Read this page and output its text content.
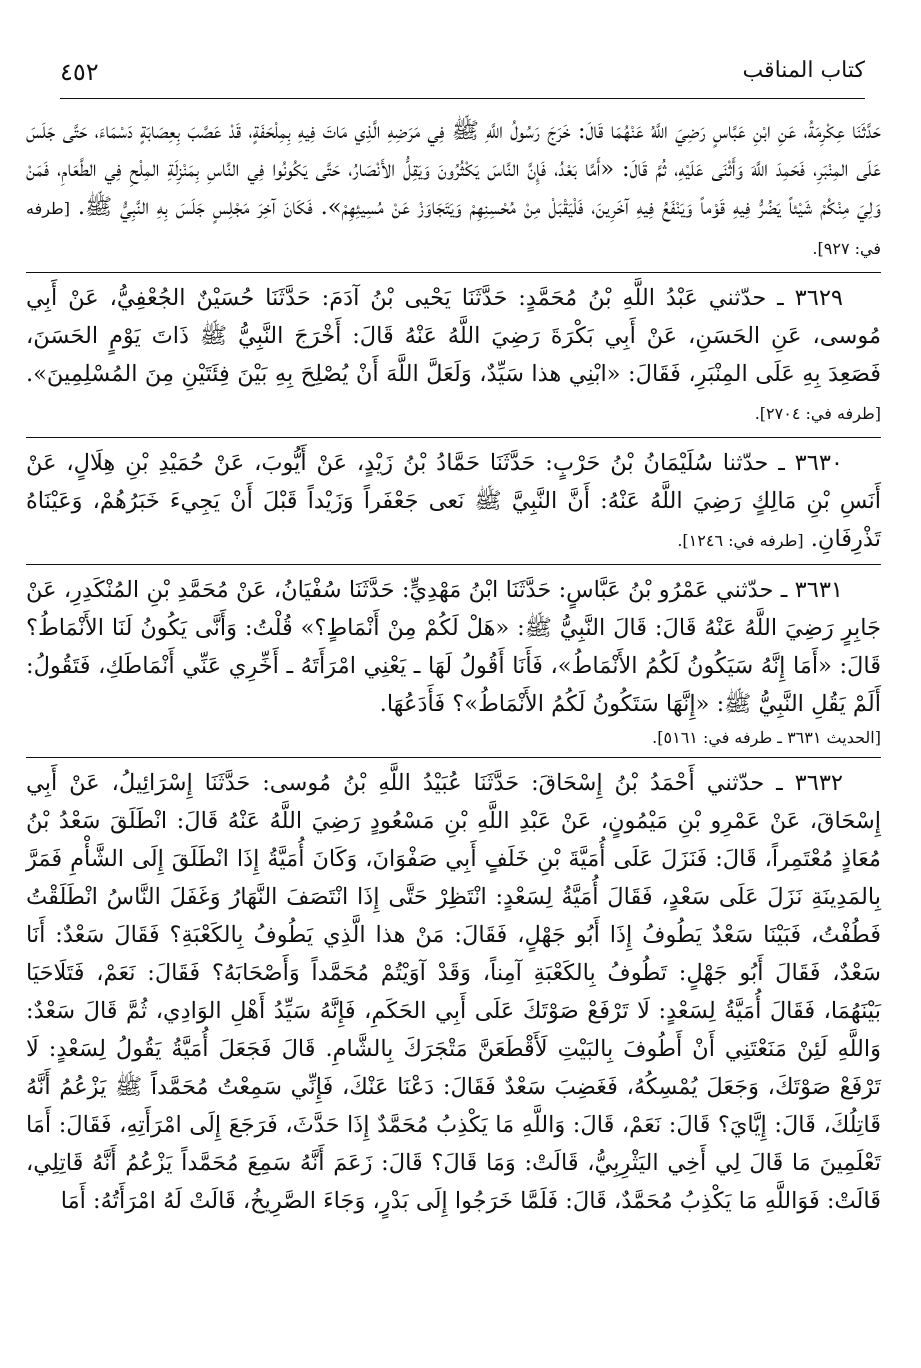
كتاب المناقب
٤٥٢

حَدَّثَنَا عِكْرِمَةُ، عَنِ ابْنِ عَبَّاسٍ رَضِيَ اللَّهُ عَنْهُمَا قَالَ: خَرَجَ رَسُولُ اللَّهِ ﷺ فِي مَرَضِهِ الَّذِي مَاتَ فِيهِ بِمِلْحَفَةٍ، قَدْ عَصَّبَ بِعِصَابَةٍ دَسْمَاءَ، حَتَّى جَلَسَ عَلَى المِنْبَرِ، فَحَمِدَ اللَّهَ وَأَثْنَى عَلَيْهِ، ثُمَّ قَالَ: «أَمَّا بَعْدُ، فَإِنَّ النَّاسَ يَكْثُرُونَ وَيَقِلُّ الأَنْصَارُ، حَتَّى يَكُونُوا فِي النَّاسِ بِمَنْزِلَةِ المِلْحِ فِي الطَّعَامِ، فَمَنْ وَلِيَ مِنْكُمْ شَيْئاً يَضُرُّ فِيهِ قَوْماً وَيَنْفَعُ فِيهِ آخَرِينَ، فَلْيَقْبَلْ مِنْ مُحْسِنِهِمْ وَيَتَجَاوَزْ عَنْ مُسِيئِهِمْ». فَكَانَ آخِرَ مَجْلِسٍ جَلَسَ بِهِ النَّبِيُّ ﷺ. [طرفه في: ٩٢٧].

٣٦٢٩ ـ حدّثني عَبْدُ اللَّهِ بْنُ مُحَمَّدٍ: حَدَّثَنَا يَحْيى بْنُ آدَمَ: حَدَّثَنَا حُسَيْنٌ الجُعْفِيُّ، عَنْ أَبِي مُوسى، عَنِ الحَسَنِ، عَنْ أَبِي بَكْرَةَ رَضِيَ اللَّهُ عَنْهُ قَالَ: أَخْرَجَ النَّبِيُّ ﷺ ذَاتَ يَوْمٍ الحَسَنَ، فَصَعِدَ بِهِ عَلَى المِنْبَرِ، فَقَالَ: «ابْنِي هذا سَيِّدٌ، وَلَعَلَّ اللَّهَ أَنْ يُصْلِحَ بِهِ بَيْنَ فِئَتَيْنِ مِنَ المُسْلِمِينَ». [طرفه في: ٢٧٠٤].

٣٦٣٠ ـ حدّثنا سُلَيْمَانُ بْنُ حَرْبٍ: حَدَّثَنَا حَمَّادُ بْنُ زَيْدٍ، عَنْ أَيُّوبَ، عَنْ حُمَيْدِ بْنِ هِلَالٍ، عَنْ أَنَسِ بْنِ مَالِكٍ رَضِيَ اللَّهُ عَنْهُ: أَنَّ النَّبِيَّ ﷺ نَعى جَعْفَراً وَزَيْداً قَبْلَ أَنْ يَجِيءَ خَبَرُهُمْ، وَعَيْنَاهُ تَذْرِفَانِ. [طرفه في: ١٢٤٦].

٣٦٣١ ـ حدّثني عَمْرُو بْنُ عَبَّاسٍ: حَدَّثَنَا ابْنُ مَهْدِيٍّ: حَدَّثَنَا سُفْيَانُ، عَنْ مُحَمَّدِ بْنِ المُنْكَدِرِ، عَنْ جَابِرٍ رَضِيَ اللَّهُ عَنْهُ قَالَ: قَالَ النَّبِيُّ ﷺ: «هَلْ لَكُمْ مِنْ أَنْمَاطٍ؟» قُلْتُ: وَأَنَّى يَكُونُ لَنَا الأَنْمَاطُ؟ قَالَ: «أَمَا إِنَّهُ سَيَكُونُ لَكُمُ الأَنْمَاطُ»، فَأَنَا أَقُولُ لَهَا ـ يَعْنِي امْرَأَتَهُ ـ أَخِّرِي عَنِّي أَنْمَاطَكِ، فَتَقُولُ: أَلَمْ يَقُلِ النَّبِيُّ ﷺ: «إِنَّهَا سَتَكُونُ لَكُمُ الأَنْمَاطُ»؟ فَأَدَعُهَا.

[الحديث ٣٦٣١ ـ طرفه في: ٥١٦١].

٣٦٣٢ ـ حدّثني أَحْمَدُ بْنُ إِسْحَاقَ: حَدَّثَنَا عُبَيْدُ اللَّهِ بْنُ مُوسى: حَدَّثَنَا إِسْرَائِيلُ، عَنْ أَبِي إِسْحَاقَ، عَنْ عَمْرِو بْنِ مَيْمُونٍ، عَنْ عَبْدِ اللَّهِ بْنِ مَسْعُودٍ رَضِيَ اللَّهُ عَنْهُ قَالَ: انْطَلَقَ سَعْدُ بْنُ مُعَاذٍ مُعْتَمِراً، قَالَ: فَنَزَلَ عَلَى أُمَيَّةَ بْنِ خَلَفٍ أَبِي صَفْوَانَ، وَكَانَ أُمَيَّةُ إِذَا انْطَلَقَ إِلَى الشَّأْمِ فَمَرَّ بِالمَدِينَةِ نَزَلَ عَلَى سَعْدٍ، فَقَالَ أُمَيَّةُ لِسَعْدٍ: انْتَظِرْ حَتَّى إِذَا انْتَصَفَ النَّهَارُ وَغَفَلَ النَّاسُ انْطَلَقْتُ فَطُفْتُ، فَبَيْنَا سَعْدٌ يَطُوفُ إِذَا أَبُو جَهْلٍ، فَقَالَ: مَنْ هذا الَّذِي يَطُوفُ بِالكَعْبَةِ؟ فَقَالَ سَعْدٌ: أَنَا سَعْدٌ، فَقَالَ أَبُو جَهْلٍ: تَطُوفُ بِالكَعْبَةِ آمِناً، وَقَدْ آوَيْتُمْ مُحَمَّداً وَأَصْحَابَهُ؟ فَقَالَ: نَعَمْ، فَتَلَاحَيَا بَيْنَهُمَا، فَقَالَ أُمَيَّةُ لِسَعْدٍ: لَا تَرْفَعْ صَوْتَكَ عَلَى أَبِي الحَكَمِ، فَإِنَّهُ سَيِّدُ أَهْلِ الوَادِي، ثُمَّ قَالَ سَعْدٌ: وَاللَّهِ لَئِنْ مَنَعْتَنِي أَنْ أَطُوفَ بِالبَيْتِ لَأَقْطَعَنَّ مَتْجَرَكَ بِالشَّامِ. قَالَ فَجَعَلَ أُمَيَّةُ يَقُولُ لِسَعْدٍ: لَا تَرْفَعْ صَوْتَكَ، وَجَعَلَ يُمْسِكُهُ، فَغَضِبَ سَعْدٌ فَقَالَ: دَعْنَا عَنْكَ، فَإِنِّي سَمِعْتُ مُحَمَّداً ﷺ يَزْعُمُ أَنَّهُ قَاتِلُكَ، قَالَ: إِيَّايَ؟ قَالَ: نَعَمْ، قَالَ: وَاللَّهِ مَا يَكْذِبُ مُحَمَّدٌ إِذَا حَدَّثَ، فَرَجَعَ إِلَى امْرَأَتِهِ، فَقَالَ: أَمَا تَعْلَمِينَ مَا قَالَ لِي أَخِي اليَثْرِبِيُّ، قَالَتْ: وَمَا قَالَ؟ قَالَ: زَعَمَ أَنَّهُ سَمِعَ مُحَمَّداً يَزْعُمُ أَنَّهُ قَاتِلِي، قَالَتْ: فَوَاللَّهِ مَا يَكْذِبُ مُحَمَّدٌ، قَالَ: فَلَمَّا خَرَجُوا إِلَى بَدْرٍ، وَجَاءَ الصَّرِيخُ، قَالَتْ لَهُ امْرَأَتُهُ: أَمَا
